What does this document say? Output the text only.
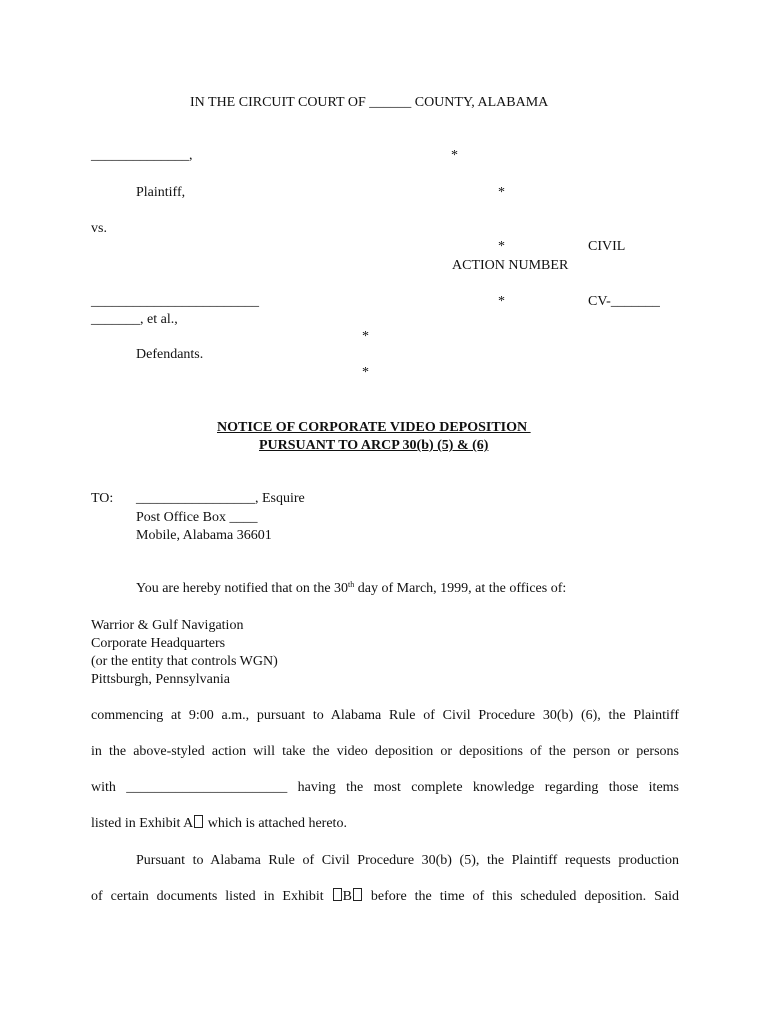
IN THE CIRCUIT COURT OF ______ COUNTY, ALABAMA
______________,
Plaintiff,
vs.
________________________
_______, et al.,
Defendants.
*
*
*
*
*
*
CIVIL
ACTION NUMBER
CV-_______
NOTICE OF CORPORATE VIDEO DEPOSITION
PURSUANT TO ARCP 30(b) (5) & (6)
TO: _________________, Esquire
Post Office Box ____
Mobile, Alabama 36601
You are hereby notified that on the 30th day of March, 1999, at the offices of:
Warrior & Gulf Navigation
Corporate Headquarters
(or the entity that controls WGN)
Pittsburgh, Pennsylvania
commencing at 9:00 a.m., pursuant to Alabama Rule of Civil Procedure 30(b) (6), the Plaintiff
in the above-styled action will take the video deposition or depositions of the person or persons
with _______________________ having the most complete knowledge regarding those items
listed in Exhibit A which is attached hereto.
Pursuant to Alabama Rule of Civil Procedure 30(b) (5), the Plaintiff requests production
of certain documents listed in Exhibit B before the time of this scheduled deposition. Said
